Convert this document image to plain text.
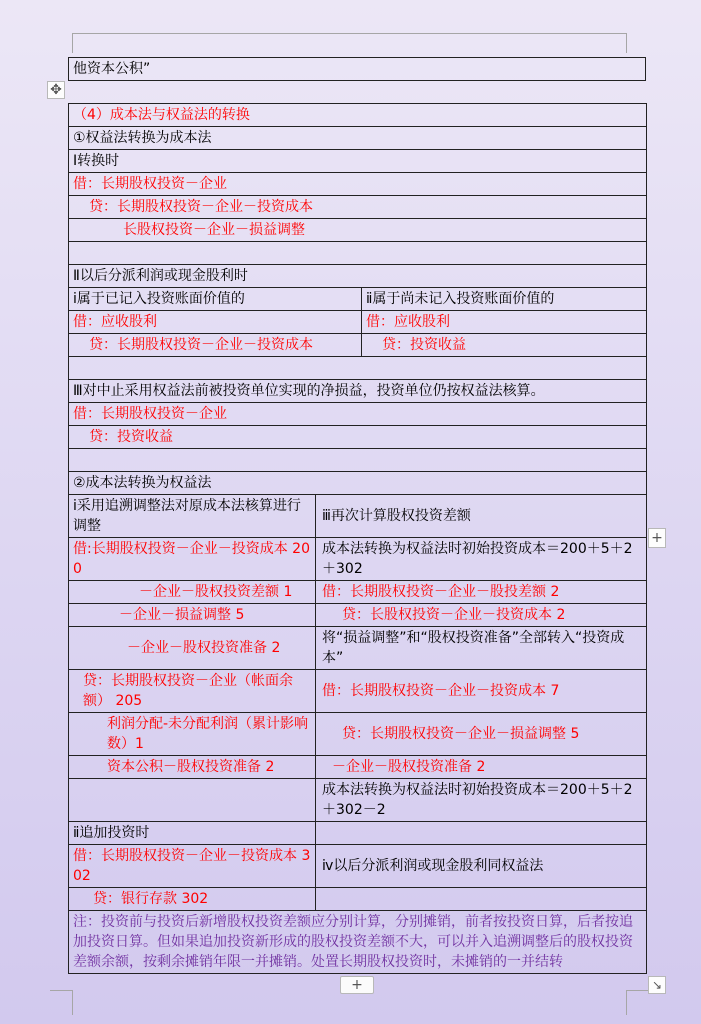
✥
他资本公积”
（4）成本法与权益法的转换	
①权益法转换为成本法	
Ⅰ转换时	
借：长期股权投资－企业	
贷：长期股权投资－企业－投资成本	
长股权投资－企业－损益调整	

Ⅱ以后分派利润或现金股利时	
ⅰ属于已记入投资账面价值的	ⅱ属于尚未记入投资账面价值的
借：应收股利	借：应收股利
贷：长期股权投资－企业－投资成本	贷：投资收益

Ⅲ对中止采用权益法前被投资单位实现的净损益，投资单位仍按权益法核算。	
借：长期股权投资－企业	
贷：投资收益	

②成本法转换为权益法	
ⅰ采用追溯调整法对原成本法核算进行调整	ⅲ再次计算股权投资差额
借:长期股权投资－企业－投资成本 200	成本法转换为权益法时初始投资成本＝200＋5＋2＋302
－企业－股权投资差额 1	借：长期股权投资－企业－股投差额 2
－企业－损益调整 5	贷：长股权投资－企业－投资成本 2
－企业－股权投资准备 2	将“损益调整”和“股权投资准备”全部转入“投资成本”
贷：长期股权投资－企业（帐面余额） 205	借：长期股权投资－企业－投资成本 7
利润分配-未分配利润（累计影响数）1	贷：长期股权投资－企业－损益调整 5
资本公积－股权投资准备 2	－企业－股权投资准备 2
	成本法转换为权益法时初始投资成本＝200＋5＋2＋302－2
ⅱ追加投资时	
借：长期股权投资－企业－投资成本 302	ⅳ以后分派利润或现金股利同权益法
贷：银行存款 302	
注：投资前与投资后新增股权投资差额应分别计算，分别摊销，前者按投资日算，后者按追加投资日算。但如果追加投资新形成的股权投资差额不大，可以并入追溯调整后的股权投资差额余额，按剩余摊销年限一并摊销。处置长期股权投资时，未摊销的一并结转	
+
+	↘
